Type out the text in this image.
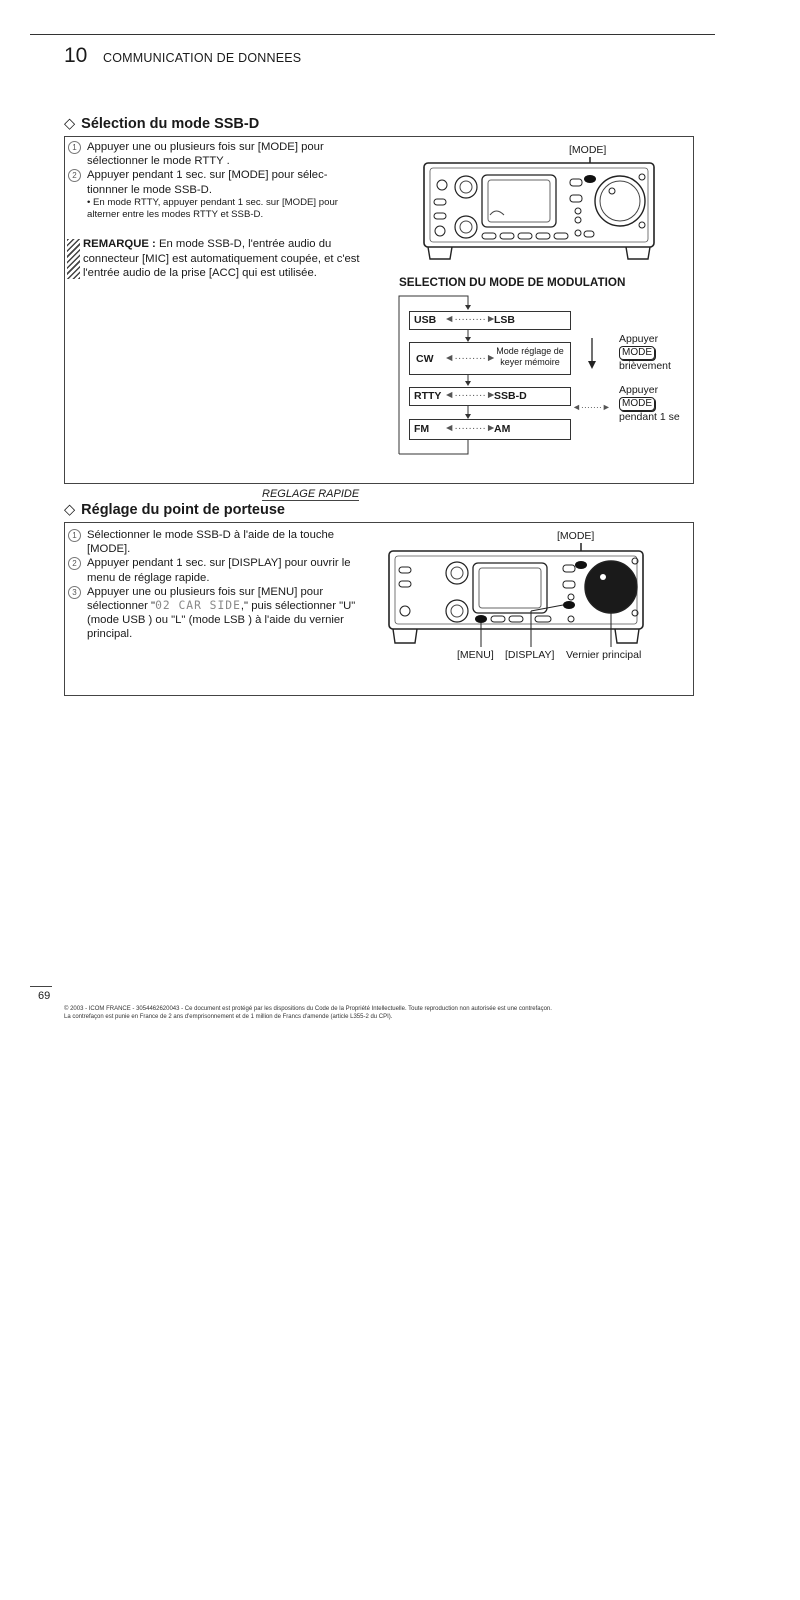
10 COMMUNICATION DE DONNEES
◇ Sélection du mode SSB-D

1 Appuyer une ou plusieurs fois sur [MODE] pour sélectionner le mode RTTY .

2 Appuyer pendant 1 sec. sur [MODE] pour sélec-tionnner le mode SSB-D.

• En mode RTTY, appuyer pendant 1 sec. sur [MODE] pour alterner entre les modes RTTY et SSB-D.
REMARQUE : En mode SSB-D, l'entrée audio du connecteur [MIC] est automatiquement coupée, et c'est l'entrée audio de la prise [ACC] qui est utilisée.
[MODE]
SELECTION DU MODE DE MODULATION
USB ◄·········►
LSB
CW ◄·········►
Mode réglage de keyer mémoire
RTTY ◄·········►
SSB-D
FM ◄·········►
AM
Appuyer
MODE
brièvement
◄·······►
Appuyer
MODE
pendant 1 se
REGLAGE RAPIDE
◇ Réglage du point de porteuse

1 Sélectionner le mode SSB-D à l'aide de la touche [MODE].

2 Appuyer pendant 1 sec. sur [DISPLAY] pour ouvrir le menu de réglage rapide.

3 Appuyer une ou plusieurs fois sur [MENU] pour sélectionner "02 CAR SIDE," puis sélectionner "U" (mode USB ) ou "L" (mode LSB ) à l'aide du vernier principal.

[MODE]
[MENU] [DISPLAY] Vernier principal
69
© 2003 - ICOM FRANCE - 3054462620043 - Ce document est protégé par les dispositions du Code de la Propriété Intellectuelle. Toute reproduction non autorisée est une contrefaçon.
La contrefaçon est punie en France de 2 ans d'emprisonnement et de 1 million de Francs d'amende (article L355-2 du CPI).
